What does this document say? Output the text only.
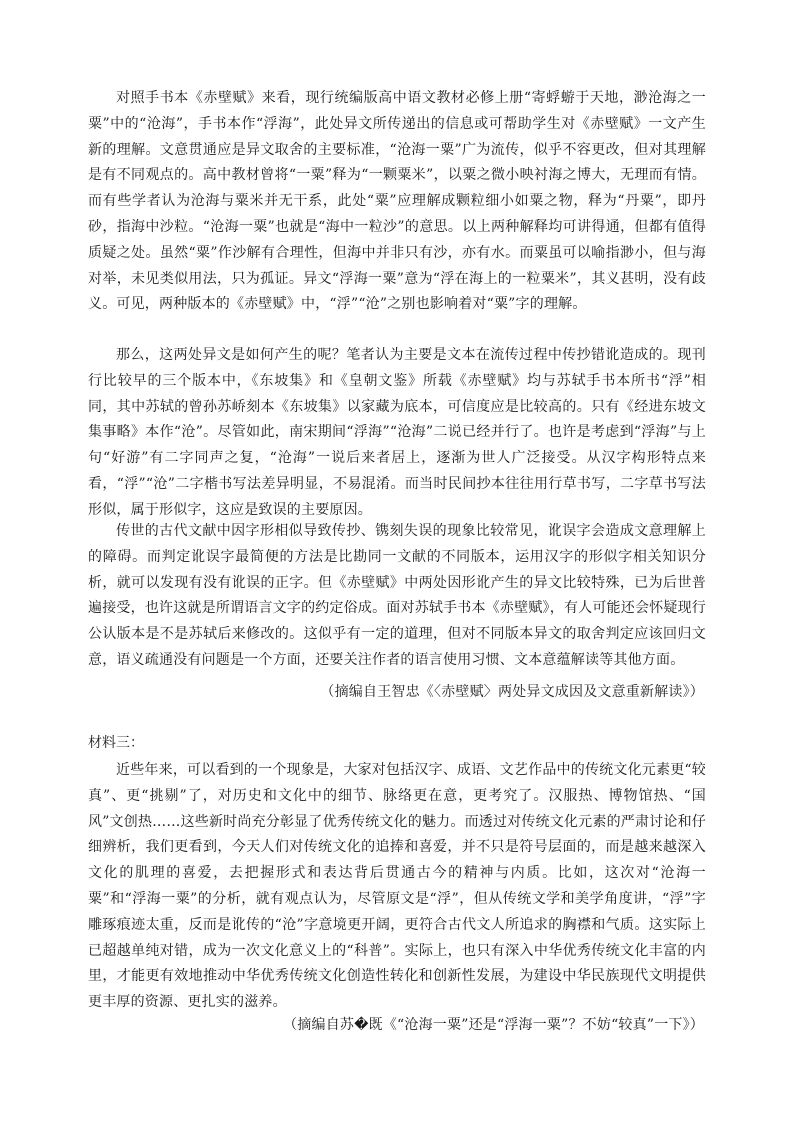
对照手书本《赤壁赋》来看，现行统编版高中语文教材必修上册“寄蜉蝣于天地，渺沧海之一粟”中的“沧海”，手书本作“浮海”，此处异文所传递出的信息或可帮助学生对《赤壁赋》一文产生新的理解。文意贯通应是异文取舍的主要标准，“沧海一粟”广为流传，似乎不容更改，但对其理解是有不同观点的。高中教材曾将“一粟”释为“一颗粟米”，以粟之微小映衬海之博大，无理而有情。而有些学者认为沧海与粟米并无干系，此处“粟”应理解成颗粒细小如粟之物，释为“丹粟”，即丹砂，指海中沙粒。“沧海一粟”也就是“海中一粒沙”的意思。以上两种解释均可讲得通，但都有值得质疑之处。虽然“粟”作沙解有合理性，但海中并非只有沙，亦有水。而粟虽可以喻指渺小，但与海对举，未见类似用法，只为孤证。异文“浮海一粟”意为“浮在海上的一粒粟米”，其义甚明，没有歧义。可见，两种版本的《赤壁赋》中，“浮”“沧”之别也影响着对“粟”字的理解。

那么，这两处异文是如何产生的呢？笔者认为主要是文本在流传过程中传抄错讹造成的。现刊行比较早的三个版本中，《东坡集》和《皇朝文鉴》所载《赤壁赋》均与苏轼手书本所书“浮”相同，其中苏轼的曾孙苏峤刻本《东坡集》以家藏为底本，可信度应是比较高的。只有《经进东坡文集事略》本作“沧”。尽管如此，南宋期间“浮海”“沧海”二说已经并行了。也许是考虑到“浮海”与上句“好游”有二字同声之复，“沧海”一说后来者居上，逐渐为世人广泛接受。从汉字构形特点来看，“浮”“沧”二字楷书写法差异明显，不易混淆。而当时民间抄本往往用行草书写，二字草书写法形似，属于形似字，这应是致误的主要原因。

传世的古代文献中因字形相似导致传抄、镌刻失误的现象比较常见，讹误字会造成文意理解上的障碍。而判定讹误字最简便的方法是比勘同一文献的不同版本，运用汉字的形似字相关知识分析，就可以发现有没有讹误的正字。但《赤壁赋》中两处因形讹产生的异文比较特殊，已为后世普遍接受，也许这就是所谓语言文字的约定俗成。面对苏轼手书本《赤壁赋》，有人可能还会怀疑现行公认版本是不是苏轼后来修改的。这似乎有一定的道理，但对不同版本异文的取舍判定应该回归文意，语义疏通没有问题是一个方面，还要关注作者的语言使用习惯、文本意蕴解读等其他方面。

（摘编自王智忠《〈赤壁赋〉两处异文成因及文意重新解读》）

材料三：

近些年来，可以看到的一个现象是，大家对包括汉字、成语、文艺作品中的传统文化元素更“较真”、更“挑剔”了，对历史和文化中的细节、脉络更在意，更考究了。汉服热、博物馆热、“国风”文创热……这些新时尚充分彰显了优秀传统文化的魅力。而透过对传统文化元素的严肃讨论和仔细辨析，我们更看到，今天人们对传统文化的追捧和喜爱，并不只是符号层面的，而是越来越深入文化的肌理的喜爱，去把握形式和表达背后贯通古今的精神与内质。比如，这次对“沧海一粟”和“浮海一粟”的分析，就有观点认为，尽管原文是“浮”，但从传统文学和美学角度讲，“浮”字雕琢痕迹太重，反而是讹传的“沧”字意境更开阔，更符合古代文人所追求的胸襟和气质。这实际上已超越单纯对错，成为一次文化意义上的“科普”。实际上，也只有深入中华优秀传统文化丰富的内里，才能更有效地推动中华优秀传统文化创造性转化和创新性发展，为建设中华民族现代文明提供更丰厚的资源、更扎实的滋养。

（摘编自苏�既《“沧海一粟”还是“浮海一粟”？不妨“较真”一下》）
